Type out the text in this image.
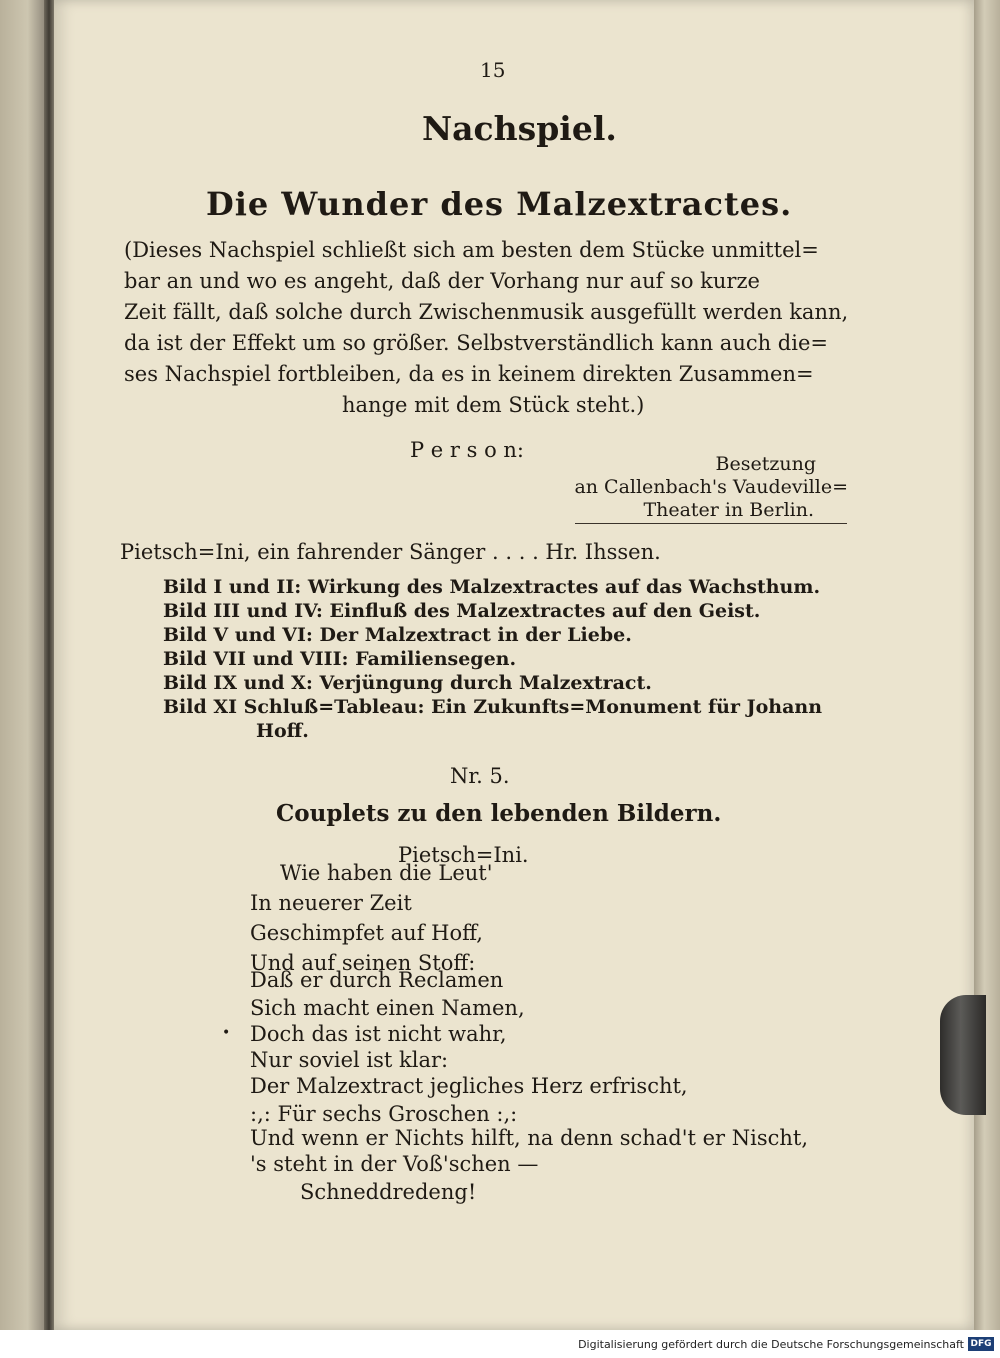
15
Nachspiel.
Die Wunder des Malzextractes.
(Dieses Nachspiel schließt sich am besten dem Stücke unmittel=
bar an und wo es angeht, daß der Vorhang nur auf so kurze
Zeit fällt, daß solche durch Zwischenmusik ausgefüllt werden kann,
da ist der Effekt um so größer. Selbstverständlich kann auch die=
ses Nachspiel fortbleiben, da es in keinem direkten Zusammen=
hange mit dem Stück steht.)
P e r s o n:
Besetzung
an Callenbach's Vaudeville=
Theater in Berlin.
Pietsch=Ini, ein fahrender Sänger . . . . Hr. Ihssen.
Bild I und II: Wirkung des Malzextractes auf das Wachsthum.
Bild III und IV: Einfluß des Malzextractes auf den Geist.
Bild V und VI: Der Malzextract in der Liebe.
Bild VII und VIII: Familiensegen.
Bild IX und X: Verjüngung durch Malzextract.
Bild XI Schluß=Tableau: Ein Zukunfts=Monument für Johann
Hoff.
Nr. 5.
Couplets zu den lebenden Bildern.
Pietsch=Ini.
Wie haben die Leut'
In neuerer Zeit
Geschimpfet auf Hoff,
Und auf seinen Stoff:
Daß er durch Reclamen
Sich macht einen Namen,
• Doch das ist nicht wahr,
Nur soviel ist klar:
Der Malzextract jegliches Herz erfrischt,
:,: Für sechs Groschen :,:
Und wenn er Nichts hilft, na denn schad't er Nischt,
's steht in der Voß'schen —
Schneddredeng!
Digitalisierung gefördert durch die Deutsche Forschungsgemeinschaft DFG
